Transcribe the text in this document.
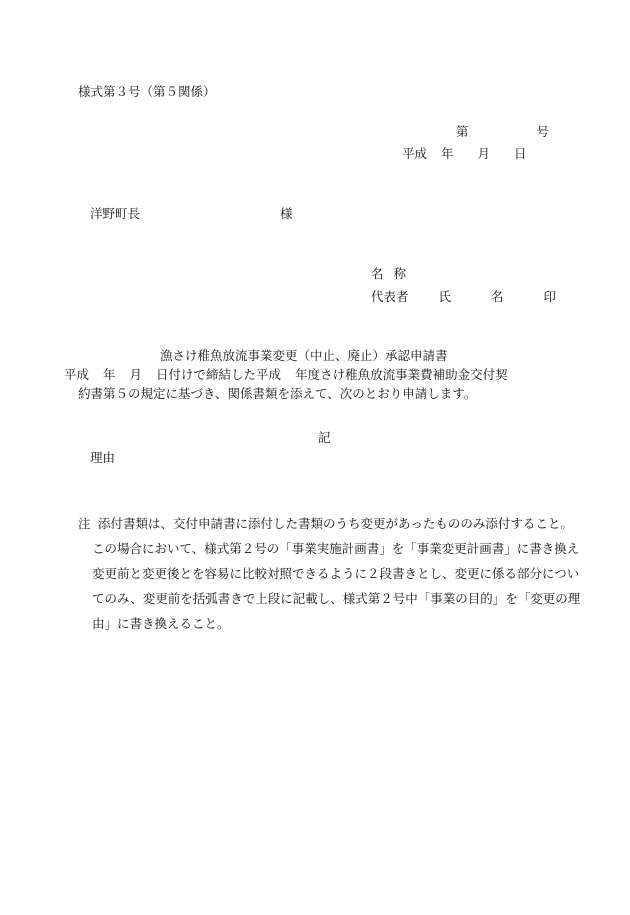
様式第３号（第５関係）
第	号
平成 年 月 日
洋野町長	様
名 称
代表者 氏	名	印
漁さけ稚魚放流事業変更（中止、廃止）承認申請書
平成 年 月 日付けで締結した平成 年度さけ稚魚放流事業費補助金交付契
約書第５の規定に基づき、関係書類を添えて、次のとおり申請します。
記
理由
注 添付書類は、交付申請書に添付した書類のうち変更があったもののみ添付すること。
この場合において、様式第２号の「事業実施計画書」を「事業変更計画書」に書き換え
変更前と変更後とを容易に比較対照できるように２段書きとし、変更に係る部分につい
てのみ、変更前を括弧書きで上段に記載し、様式第２号中「事業の目的」を「変更の理
由」に書き換えること。
